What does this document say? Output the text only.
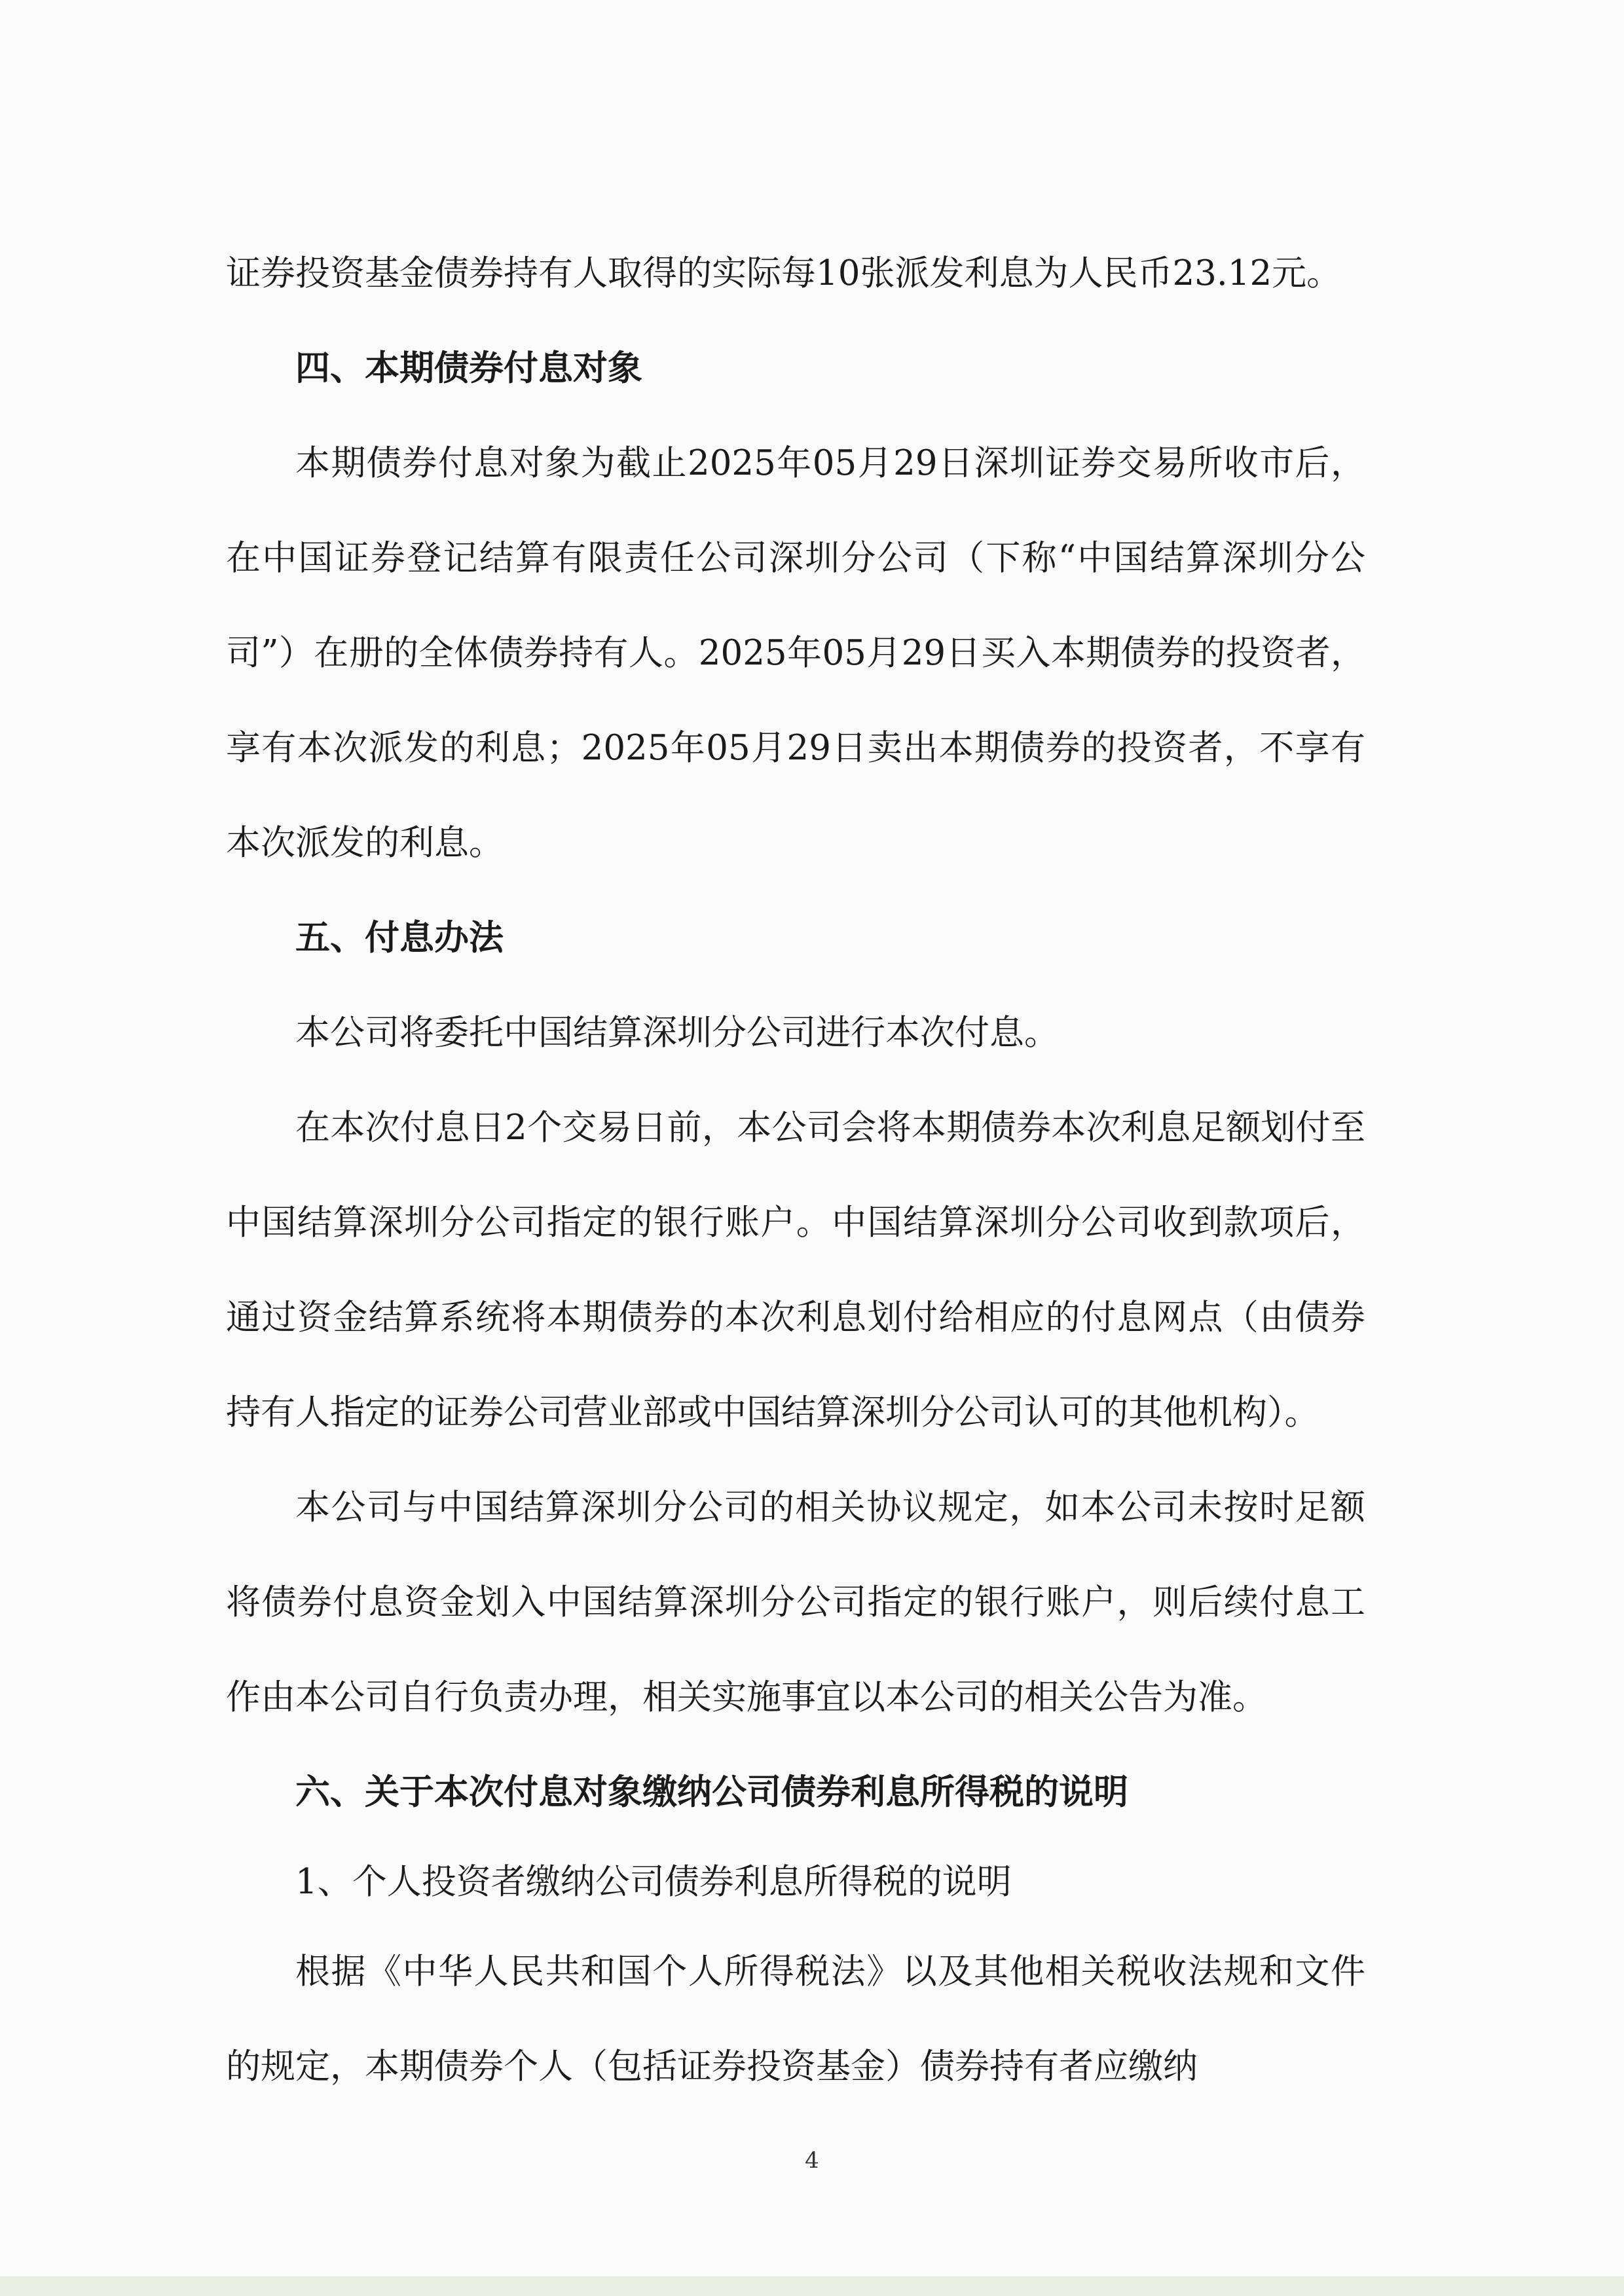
证券投资基金债券持有人取得的实际每10张派发利息为人民币23.12元。

四、本期债券付息对象

本期债券付息对象为截止2025年05月29日深圳证券交易所收市后，在中国证券登记结算有限责任公司深圳分公司（下称“中国结算深圳分公司”）在册的全体债券持有人。2025年05月29日买入本期债券的投资者，享有本次派发的利息；2025年05月29日卖出本期债券的投资者，不享有本次派发的利息。

五、付息办法

本公司将委托中国结算深圳分公司进行本次付息。

在本次付息日2个交易日前，本公司会将本期债券本次利息足额划付至中国结算深圳分公司指定的银行账户。中国结算深圳分公司收到款项后，通过资金结算系统将本期债券的本次利息划付给相应的付息网点（由债券持有人指定的证券公司营业部或中国结算深圳分公司认可的其他机构）。

本公司与中国结算深圳分公司的相关协议规定，如本公司未按时足额将债券付息资金划入中国结算深圳分公司指定的银行账户，则后续付息工作由本公司自行负责办理，相关实施事宜以本公司的相关公告为准。

六、关于本次付息对象缴纳公司债券利息所得税的说明

1、个人投资者缴纳公司债券利息所得税的说明

根据《中华人民共和国个人所得税法》以及其他相关税收法规和文件的规定，本期债券个人（包括证券投资基金）债券持有者应缴纳

4
